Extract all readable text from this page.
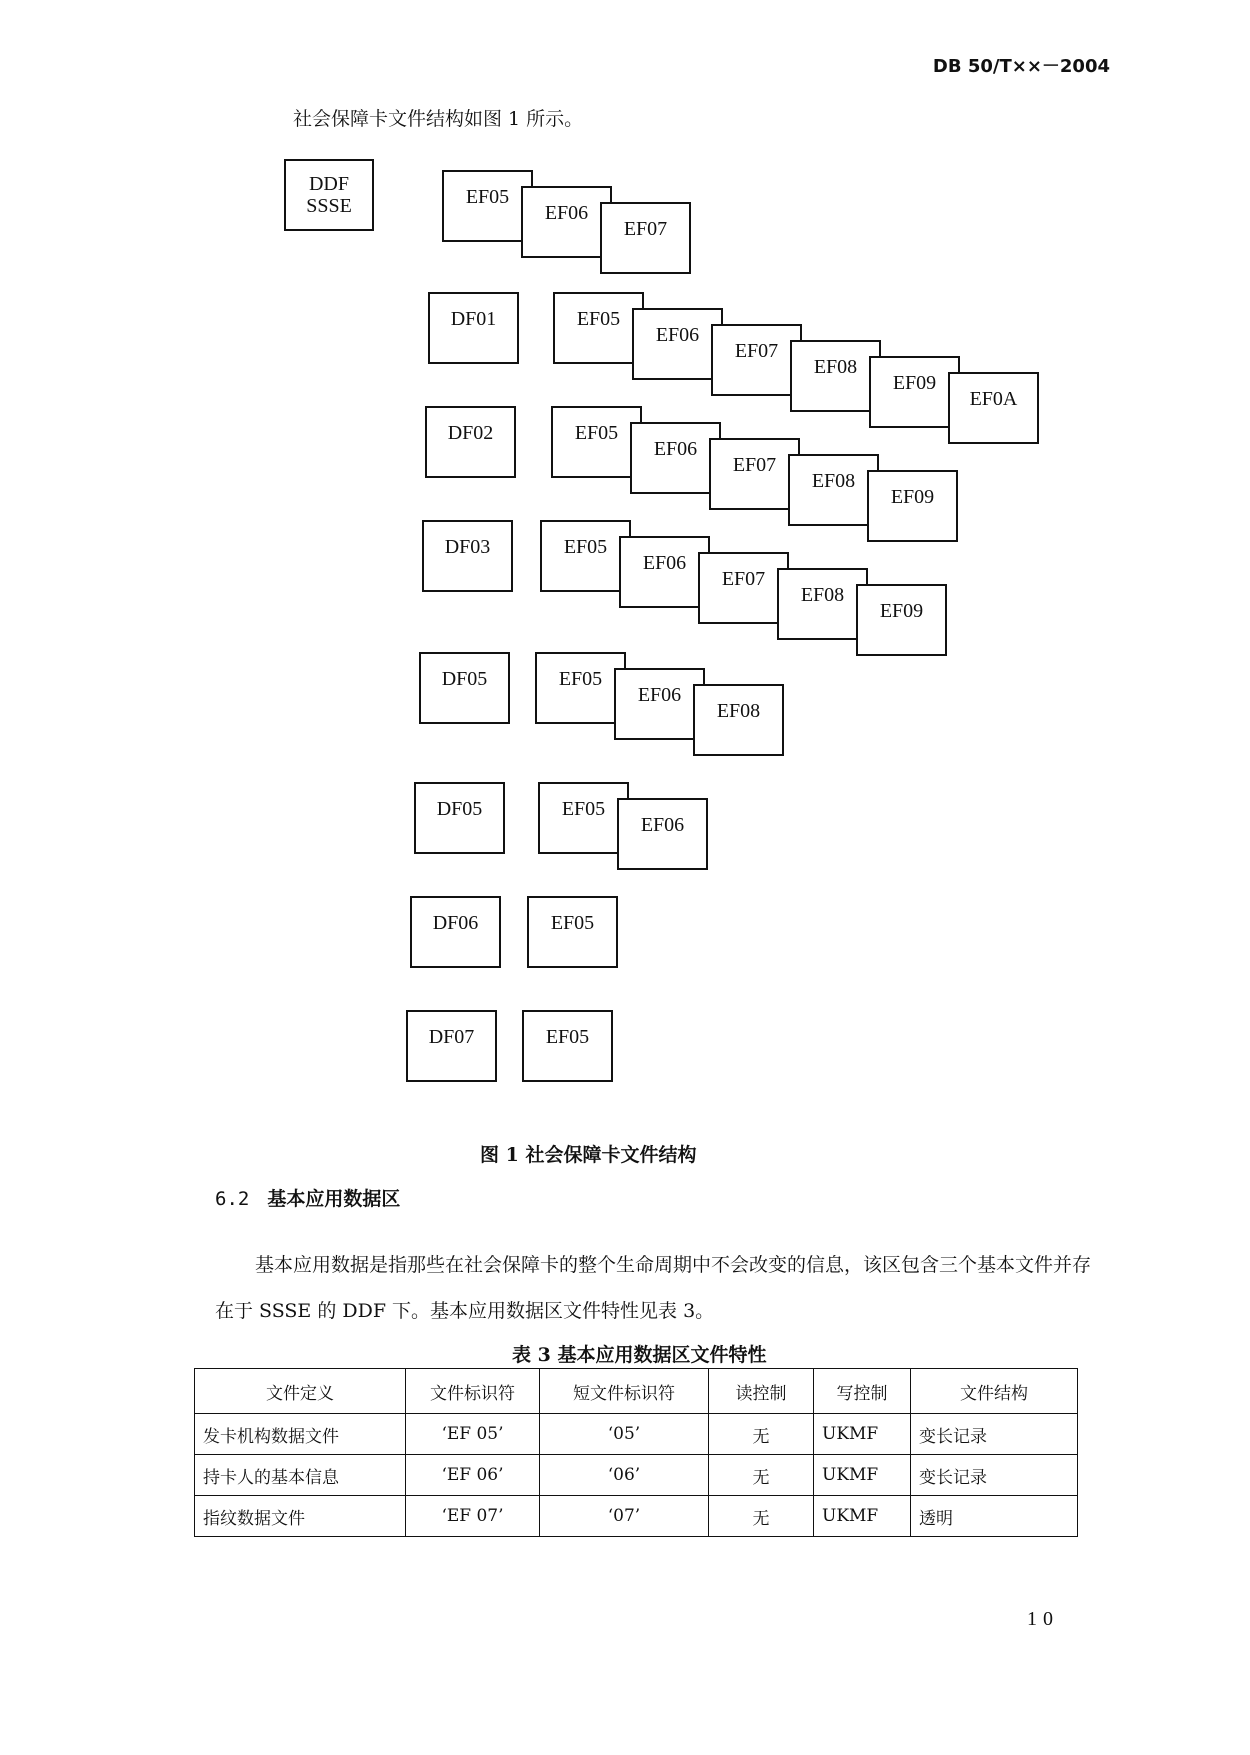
DB 50/T××－2004
社会保障卡文件结构如图 1 所示。
DDF
SSSE	EF05
EF06
EF07
DF01	EF05
EF06
EF07
EF08
EF09
EF0A
DF02	EF05
EF06
EF07
EF08
EF09
DF03	EF05
EF06
EF07
EF08
EF09
DF05	EF05
EF06
EF08
DF05	EF05
EF06
DF06	EF05
DF07	EF05
图 1 社会保障卡文件结构
6.2 基本应用数据区
基本应用数据是指那些在社会保障卡的整个生命周期中不会改变的信息，该区包含三个基本文件并存在于 SSSE 的 DDF 下。基本应用数据区文件特性见表 3。
表 3 基本应用数据区文件特性
文件定义	文件标识符	短文件标识符	读控制	写控制	文件结构
发卡机构数据文件	‘EF 05’	‘05’	无	UKMF	变长记录
持卡人的基本信息	‘EF 06’	‘06’	无	UKMF	变长记录
指纹数据文件	‘EF 07’	‘07’	无	UKMF	透明
10
